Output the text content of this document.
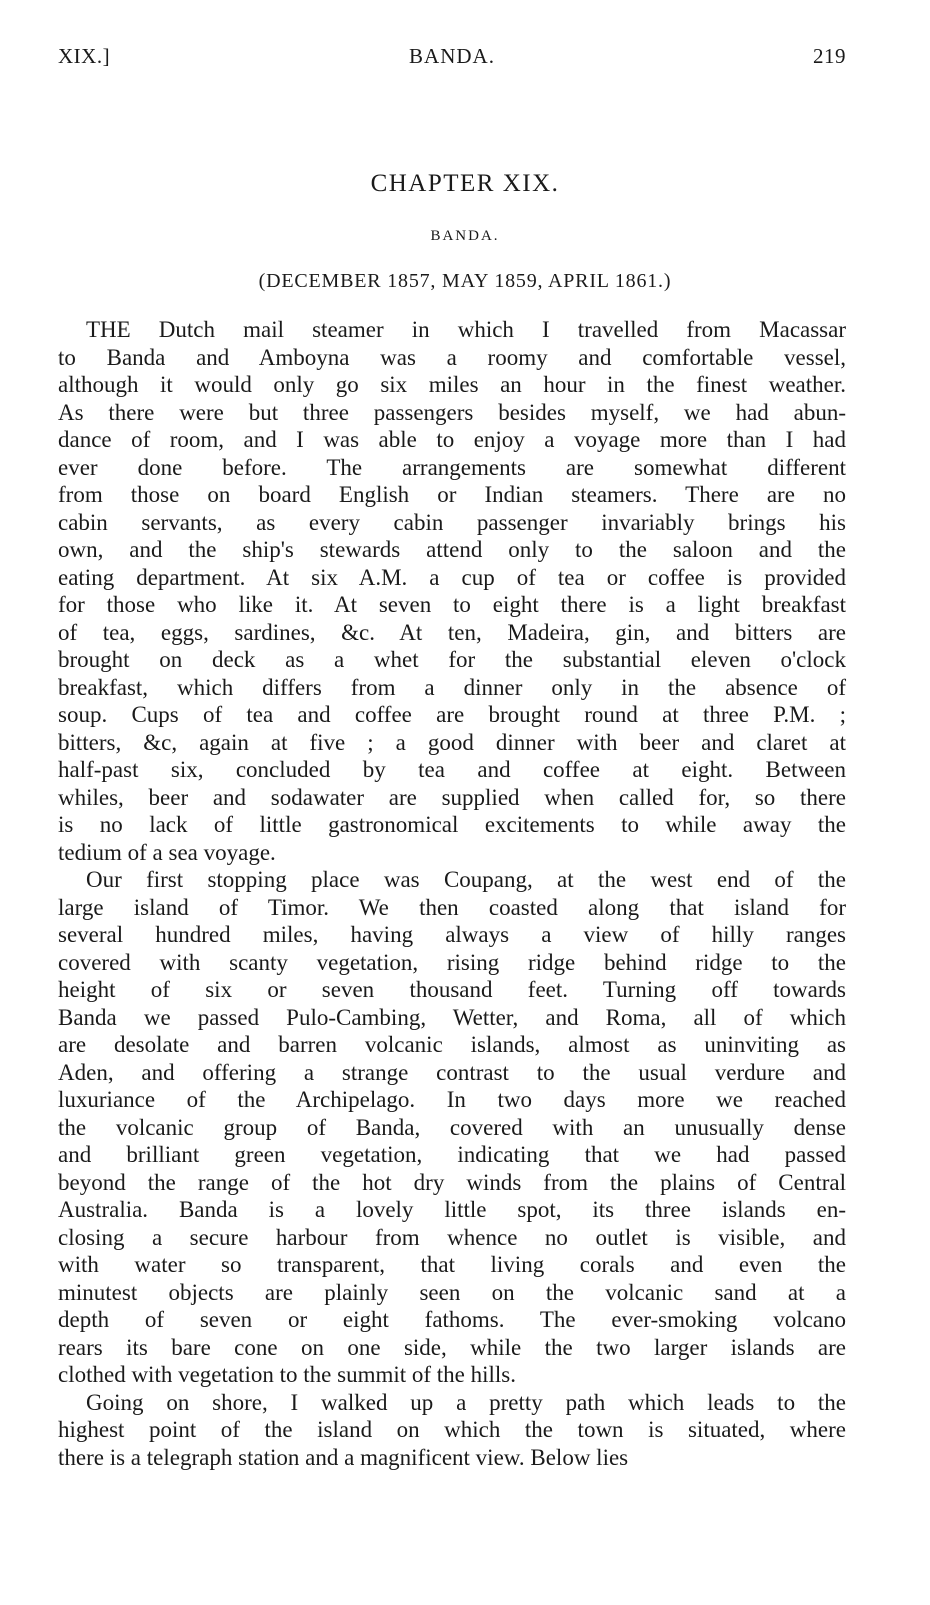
XIX.]	BANDA.	219
CHAPTER XIX.
BANDA.
(DECEMBER 1857, MAY 1859, APRIL 1861.)
THE Dutch mail steamer in which I travelled from Macassar
to Banda and Amboyna was a roomy and comfortable vessel,
although it would only go six miles an hour in the finest weather.
As there were but three passengers besides myself, we had abun-
dance of room, and I was able to enjoy a voyage more than I had
ever done before. The arrangements are somewhat different
from those on board English or Indian steamers. There are no
cabin servants, as every cabin passenger invariably brings his
own, and the ship's stewards attend only to the saloon and the
eating department. At six A.M. a cup of tea or coffee is provided
for those who like it. At seven to eight there is a light breakfast
of tea, eggs, sardines, &c. At ten, Madeira, gin, and bitters are
brought on deck as a whet for the substantial eleven o'clock
breakfast, which differs from a dinner only in the absence of
soup. Cups of tea and coffee are brought round at three P.M. ;
bitters, &c, again at five ; a good dinner with beer and claret at
half-past six, concluded by tea and coffee at eight. Between
whiles, beer and sodawater are supplied when called for, so there
is no lack of little gastronomical excitements to while away the
tedium of a sea voyage.
Our first stopping place was Coupang, at the west end of the
large island of Timor. We then coasted along that island for
several hundred miles, having always a view of hilly ranges
covered with scanty vegetation, rising ridge behind ridge to the
height of six or seven thousand feet. Turning off towards
Banda we passed Pulo-Cambing, Wetter, and Roma, all of which
are desolate and barren volcanic islands, almost as uninviting as
Aden, and offering a strange contrast to the usual verdure and
luxuriance of the Archipelago. In two days more we reached
the volcanic group of Banda, covered with an unusually dense
and brilliant green vegetation, indicating that we had passed
beyond the range of the hot dry winds from the plains of Central
Australia. Banda is a lovely little spot, its three islands en-
closing a secure harbour from whence no outlet is visible, and
with water so transparent, that living corals and even the
minutest objects are plainly seen on the volcanic sand at a
depth of seven or eight fathoms. The ever-smoking volcano
rears its bare cone on one side, while the two larger islands are
clothed with vegetation to the summit of the hills.
Going on shore, I walked up a pretty path which leads to the
highest point of the island on which the town is situated, where
there is a telegraph station and a magnificent view. Below lies
